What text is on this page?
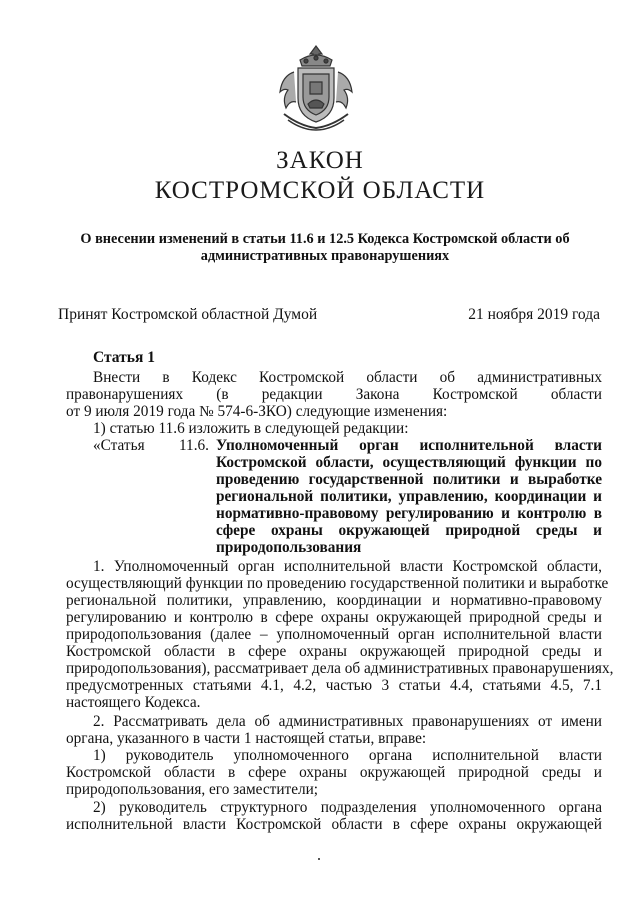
ЗАКОН
КОСТРОМСКОЙ ОБЛАСТИ
О внесении изменений в статьи 11.6 и 12.5 Кодекса Костромской области об
административных правонарушениях
Принят Костромской областной Думой	21 ноября 2019 года
Статья 1
Внести в Кодекс Костромской области об административных
правонарушениях (в редакции Закона Костромской области
от 9 июля 2019 года № 574-6-ЗКО) следующие изменения:
1) статью 11.6 изложить в следующей редакции:
«Статья 11.6. Уполномоченный орган исполнительной власти
Костромской области, осуществляющий функции по
проведению государственной политики и выработке
региональной политики, управлению, координации и
нормативно-правовому регулированию и контролю в
сфере охраны окружающей природной среды и
природопользования
1. Уполномоченный орган исполнительной власти Костромской области,
осуществляющий функции по проведению государственной политики и выработке
региональной политики, управлению, координации и нормативно-правовому
регулированию и контролю в сфере охраны окружающей природной среды и
природопользования (далее – уполномоченный орган исполнительной власти
Костромской области в сфере охраны окружающей природной среды и
природопользования), рассматривает дела об административных правонарушениях,
предусмотренных статьями 4.1, 4.2, частью 3 статьи 4.4, статьями 4.5, 7.1
настоящего Кодекса.
2. Рассматривать дела об административных правонарушениях от имени
органа, указанного в части 1 настоящей статьи, вправе:
1) руководитель уполномоченного органа исполнительной власти
Костромской области в сфере охраны окружающей природной среды и
природопользования, его заместители;
2) руководитель структурного подразделения уполномоченного органа
исполнительной власти Костромской области в сфере охраны окружающей
